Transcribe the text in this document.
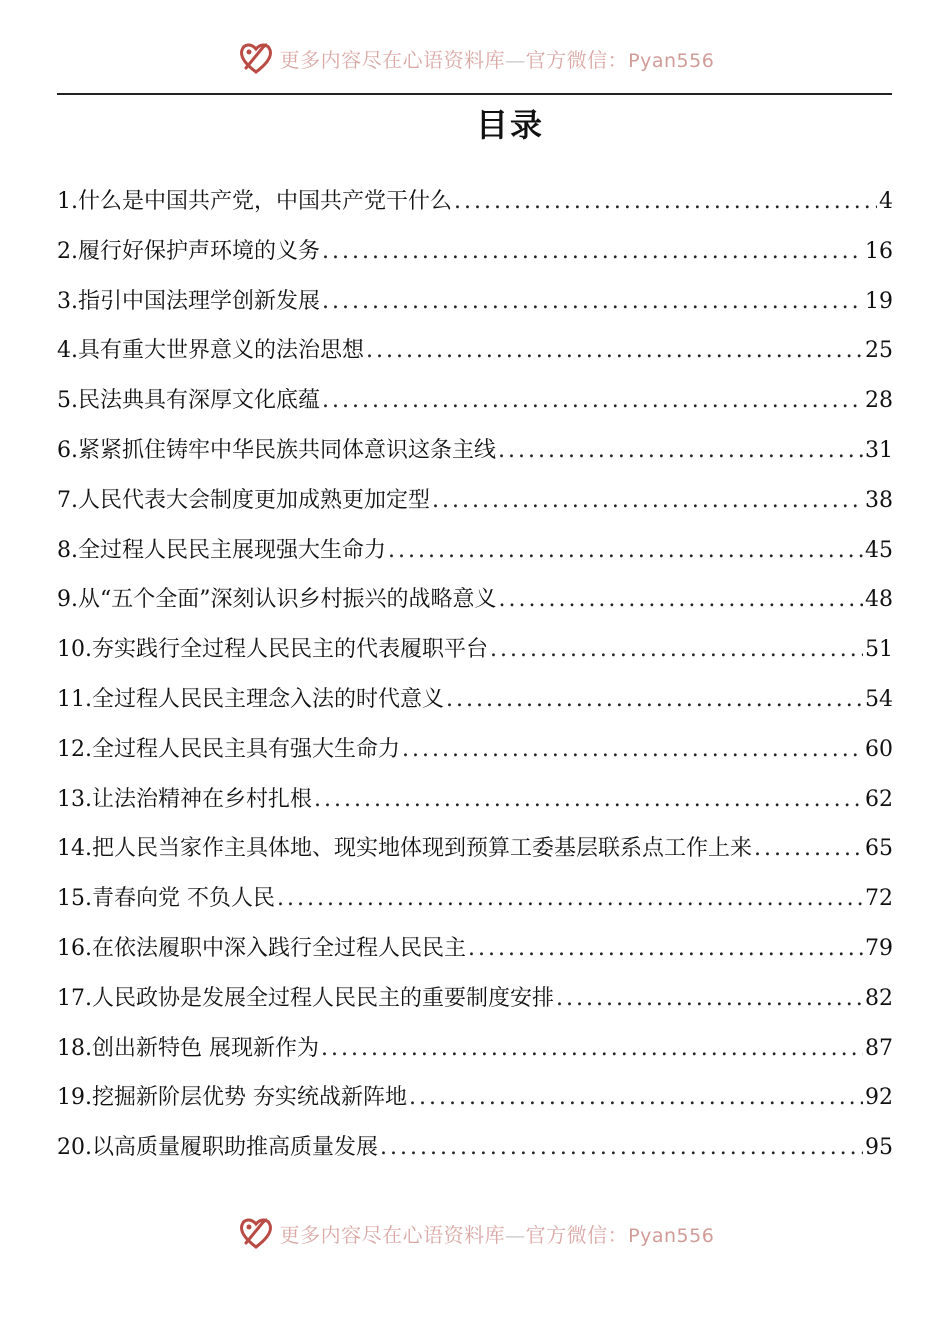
更多内容尽在心语资料库—官方微信：Pyan556
目录
1.什么是中国共产党，中国共产党干什么 .....	4
2.履行好保护声环境的义务 .....	16
3.指引中国法理学创新发展 .....	19
4.具有重大世界意义的法治思想 .....	25
5.民法典具有深厚文化底蕴 .....	28
6.紧紧抓住铸牢中华民族共同体意识这条主线 .....	31
7.人民代表大会制度更加成熟更加定型 .....	38
8.全过程人民民主展现强大生命力 .....	45
9.从“五个全面”深刻认识乡村振兴的战略意义 .....	48
10.夯实践行全过程人民民主的代表履职平台 .....	51
11.全过程人民民主理念入法的时代意义 .....	54
12.全过程人民民主具有强大生命力 .....	60
13.让法治精神在乡村扎根 .....	62
14.把人民当家作主具体地、现实地体现到预算工委基层联系点工作上来 .....	65
15.青春向党 不负人民 .....	72
16.在依法履职中深入践行全过程人民民主 .....	79
17.人民政协是发展全过程人民民主的重要制度安排 .....	82
18.创出新特色 展现新作为 .....	87
19.挖掘新阶层优势 夯实统战新阵地 .....	92
20.以高质量履职助推高质量发展 .....	95
更多内容尽在心语资料库—官方微信：Pyan556
